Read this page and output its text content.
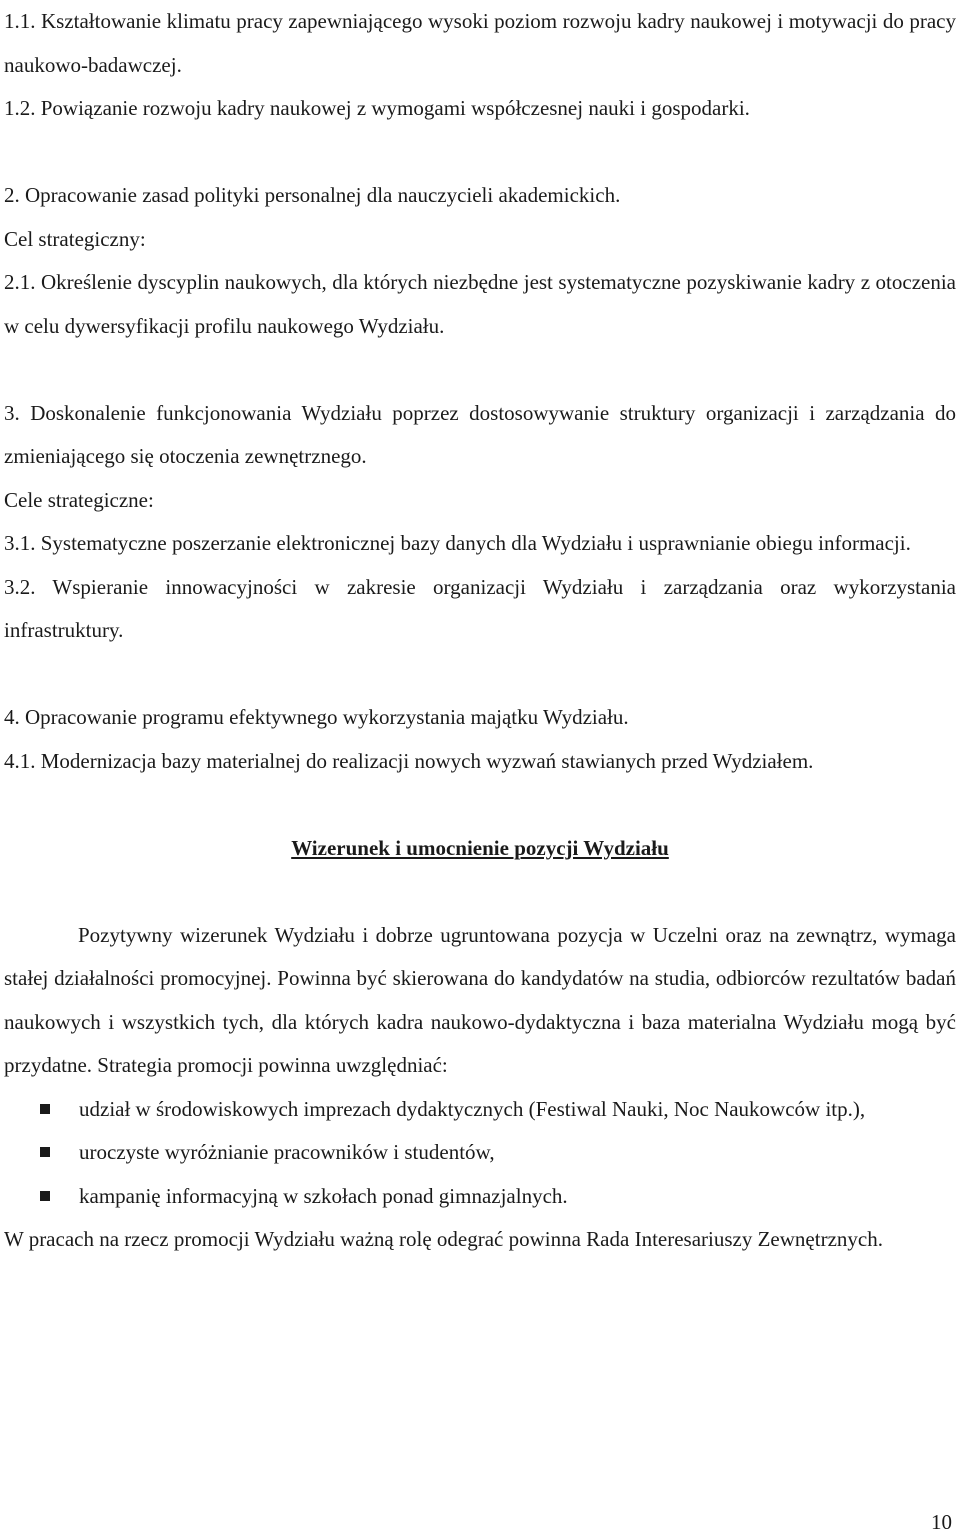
1.1. Kształtowanie klimatu pracy zapewniającego wysoki poziom rozwoju kadry naukowej i motywacji do pracy naukowo-badawczej.

1.2. Powiązanie rozwoju kadry naukowej z wymogami współczesnej nauki i gospodarki.

2. Opracowanie zasad polityki personalnej dla nauczycieli akademickich.

Cel strategiczny:

2.1. Określenie dyscyplin naukowych, dla których niezbędne jest systematyczne pozyskiwanie kadry z otoczenia w celu dywersyfikacji profilu naukowego Wydziału.

3. Doskonalenie funkcjonowania Wydziału poprzez dostosowywanie struktury organizacji i zarządzania do zmieniającego się otoczenia zewnętrznego.

Cele strategiczne:

3.1. Systematyczne poszerzanie elektronicznej bazy danych dla Wydziału i usprawnianie obiegu informacji.

3.2. Wspieranie innowacyjności w zakresie organizacji Wydziału i zarządzania oraz wykorzystania infrastruktury.

4. Opracowanie programu efektywnego wykorzystania majątku Wydziału.

4.1. Modernizacja bazy materialnej do realizacji nowych wyzwań stawianych przed Wydziałem.

Wizerunek i umocnienie pozycji Wydziału

Pozytywny wizerunek Wydziału i dobrze ugruntowana pozycja w Uczelni oraz na zewnątrz, wymaga stałej działalności promocyjnej. Powinna być skierowana do kandydatów na studia, odbiorców rezultatów badań naukowych i wszystkich tych, dla których kadra naukowo-dydaktyczna i baza materialna Wydziału mogą być przydatne. Strategia promocji powinna uwzględniać:

udział w środowiskowych imprezach dydaktycznych (Festiwal Nauki, Noc Naukowców itp.),
uroczyste wyróżnianie pracowników i studentów,
kampanię informacyjną w szkołach ponad gimnazjalnych.

W pracach na rzecz promocji Wydziału ważną rolę odegrać powinna Rada Interesariuszy Zewnętrznych.

10
